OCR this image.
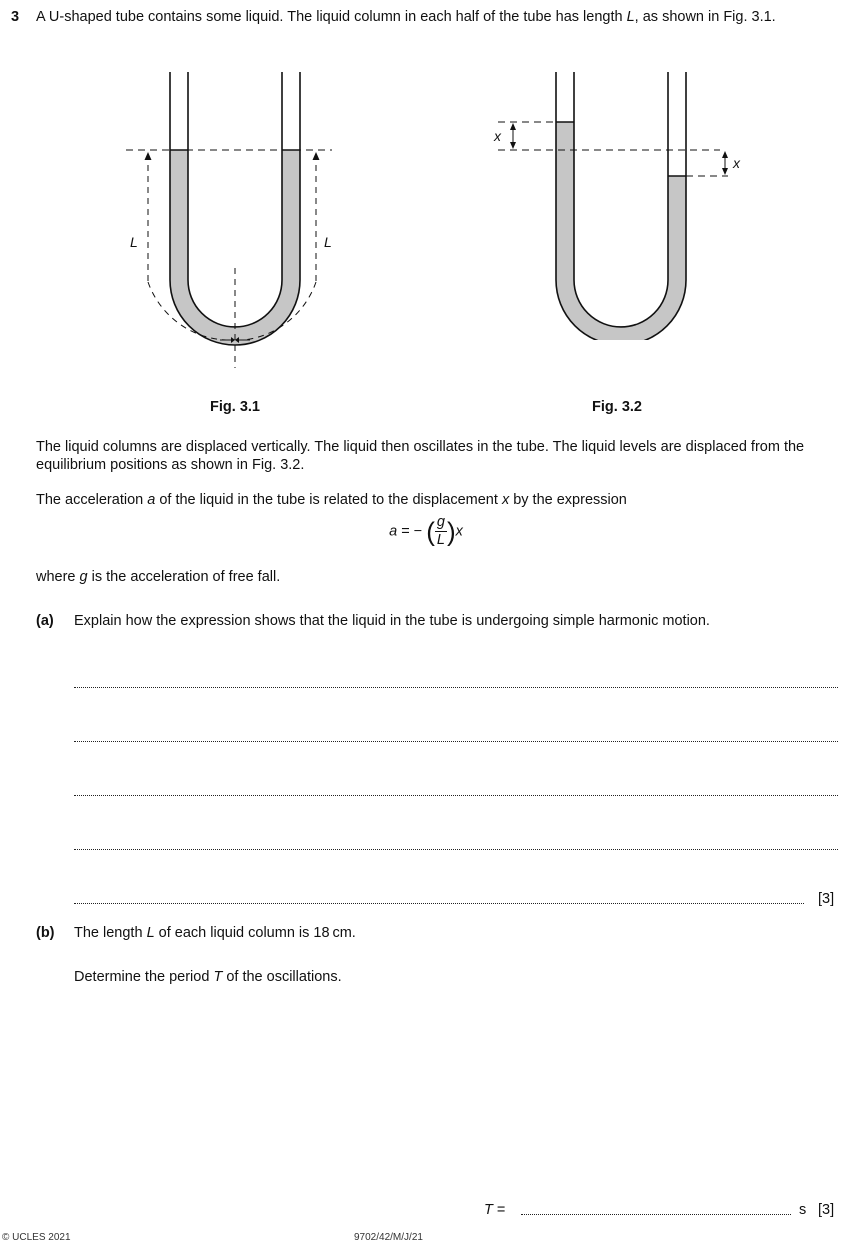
3 A U-shaped tube contains some liquid. The liquid column in each half of the tube has length L, as shown in Fig. 3.1.
L	L
Fig. 3.1
x
x
Fig. 3.2
The liquid columns are displaced vertically. The liquid then oscillates in the tube. The liquid levels are displaced from the equilibrium positions as shown in Fig. 3.2.
The acceleration a of the liquid in the tube is related to the displacement x by the expression
a = − ( $\frac{g}{L} )x$
where g is the acceleration of free fall.
(a) Explain how the expression shows that the liquid in the tube is undergoing simple harmonic motion.
[3]
(b) The length L of each liquid column is 18 cm.
Determine the period T of the oscillations.
T =	s [3]
© UCLES 2021	9702/42/M/J/21
